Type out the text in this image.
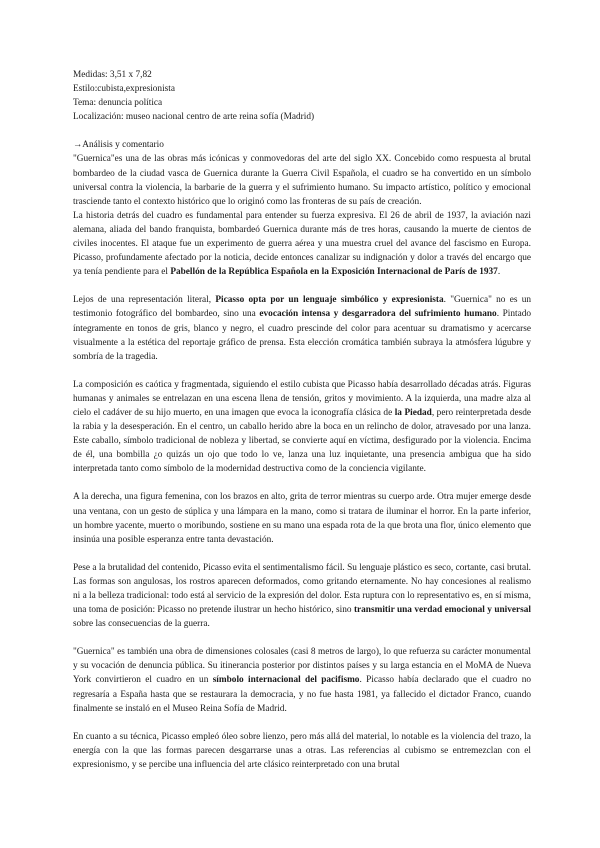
Medidas: 3,51 x 7,82

Estilo:cubista,expresionista

Tema: denuncia política

Localización: museo nacional centro de arte reina sofía (Madrid)

→Análisis y comentario

"Guernica"es una de las obras más icónicas y conmovedoras del arte del siglo XX. Concebido como respuesta al brutal bombardeo de la ciudad vasca de Guernica durante la Guerra Civil Española, el cuadro se ha convertido en un símbolo universal contra la violencia, la barbarie de la guerra y el sufrimiento humano. Su impacto artístico, político y emocional trasciende tanto el contexto histórico que lo originó como las fronteras de su país de creación.

La historia detrás del cuadro es fundamental para entender su fuerza expresiva. El 26 de abril de 1937, la aviación nazi alemana, aliada del bando franquista, bombardeó Guernica durante más de tres horas, causando la muerte de cientos de civiles inocentes. El ataque fue un experimento de guerra aérea y una muestra cruel del avance del fascismo en Europa. Picasso, profundamente afectado por la noticia, decide entonces canalizar su indignación y dolor a través del encargo que ya tenía pendiente para el Pabellón de la República Española en la Exposición Internacional de París de 1937.

Lejos de una representación literal, Picasso opta por un lenguaje simbólico y expresionista. "Guernica" no es un testimonio fotográfico del bombardeo, sino una evocación intensa y desgarradora del sufrimiento humano. Pintado íntegramente en tonos de gris, blanco y negro, el cuadro prescinde del color para acentuar su dramatismo y acercarse visualmente a la estética del reportaje gráfico de prensa. Esta elección cromática también subraya la atmósfera lúgubre y sombría de la tragedia.

La composición es caótica y fragmentada, siguiendo el estilo cubista que Picasso había desarrollado décadas atrás. Figuras humanas y animales se entrelazan en una escena llena de tensión, gritos y movimiento. A la izquierda, una madre alza al cielo el cadáver de su hijo muerto, en una imagen que evoca la iconografía clásica de la Piedad, pero reinterpretada desde la rabia y la desesperación. En el centro, un caballo herido abre la boca en un relincho de dolor, atravesado por una lanza. Este caballo, símbolo tradicional de nobleza y libertad, se convierte aquí en víctima, desfigurado por la violencia. Encima de él, una bombilla ¿o quizás un ojo que todo lo ve, lanza una luz inquietante, una presencia ambigua que ha sido interpretada tanto como símbolo de la modernidad destructiva como de la conciencia vigilante.

A la derecha, una figura femenina, con los brazos en alto, grita de terror mientras su cuerpo arde. Otra mujer emerge desde una ventana, con un gesto de súplica y una lámpara en la mano, como si tratara de iluminar el horror. En la parte inferior, un hombre yacente, muerto o moribundo, sostiene en su mano una espada rota de la que brota una flor, único elemento que insinúa una posible esperanza entre tanta devastación.

Pese a la brutalidad del contenido, Picasso evita el sentimentalismo fácil. Su lenguaje plástico es seco, cortante, casi brutal. Las formas son angulosas, los rostros aparecen deformados, como gritando eternamente. No hay concesiones al realismo ni a la belleza tradicional: todo está al servicio de la expresión del dolor. Esta ruptura con lo representativo es, en sí misma, una toma de posición: Picasso no pretende ilustrar un hecho histórico, sino transmitir una verdad emocional y universal sobre las consecuencias de la guerra.

"Guernica" es también una obra de dimensiones colosales (casi 8 metros de largo), lo que refuerza su carácter monumental y su vocación de denuncia pública. Su itinerancia posterior por distintos países y su larga estancia en el MoMA de Nueva York convirtieron el cuadro en un símbolo internacional del pacifismo. Picasso había declarado que el cuadro no regresaría a España hasta que se restaurara la democracia, y no fue hasta 1981, ya fallecido el dictador Franco, cuando finalmente se instaló en el Museo Reina Sofía de Madrid.

En cuanto a su técnica, Picasso empleó óleo sobre lienzo, pero más allá del material, lo notable es la violencia del trazo, la energía con la que las formas parecen desgarrarse unas a otras. Las referencias al cubismo se entremezclan con el expresionismo, y se percibe una influencia del arte clásico reinterpretado con una brutal
